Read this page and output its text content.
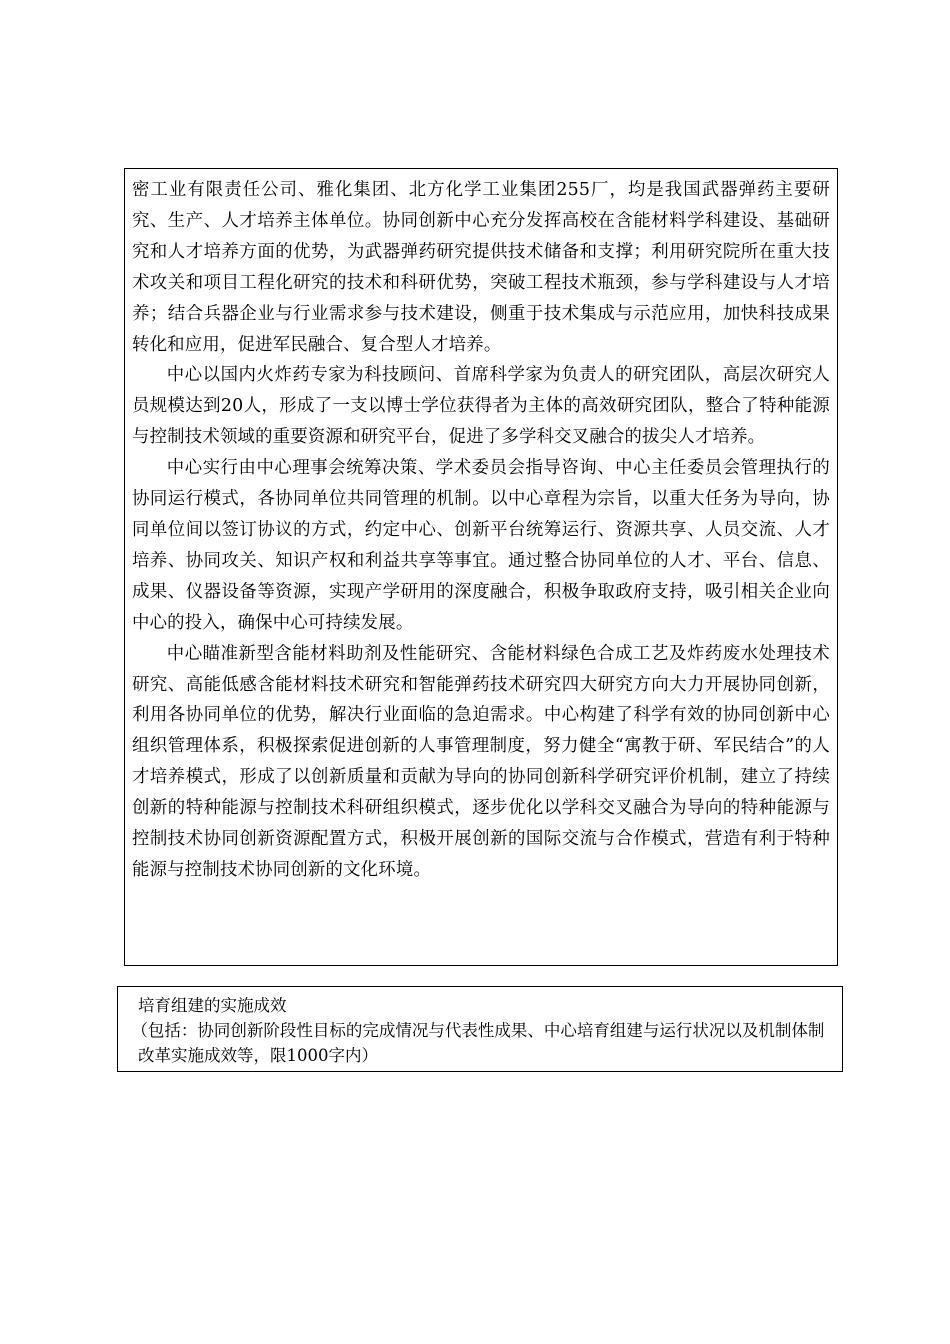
密工业有限责任公司、雅化集团、北方化学工业集团255厂，均是我国武器弹药主要研究、生产、人才培养主体单位。协同创新中心充分发挥高校在含能材料学科建设、基础研究和人才培养方面的优势，为武器弹药研究提供技术储备和支撑；利用研究院所在重大技术攻关和项目工程化研究的技术和科研优势，突破工程技术瓶颈，参与学科建设与人才培养；结合兵器企业与行业需求参与技术建设，侧重于技术集成与示范应用，加快科技成果转化和应用，促进军民融合、复合型人才培养。

中心以国内火炸药专家为科技顾问、首席科学家为负责人的研究团队，高层次研究人员规模达到20人，形成了一支以博士学位获得者为主体的高效研究团队，整合了特种能源与控制技术领域的重要资源和研究平台，促进了多学科交叉融合的拔尖人才培养。

中心实行由中心理事会统筹决策、学术委员会指导咨询、中心主任委员会管理执行的协同运行模式，各协同单位共同管理的机制。以中心章程为宗旨，以重大任务为导向，协同单位间以签订协议的方式，约定中心、创新平台统筹运行、资源共享、人员交流、人才培养、协同攻关、知识产权和利益共享等事宜。通过整合协同单位的人才、平台、信息、成果、仪器设备等资源，实现产学研用的深度融合，积极争取政府支持，吸引相关企业向中心的投入，确保中心可持续发展。

中心瞄准新型含能材料助剂及性能研究、含能材料绿色合成工艺及炸药废水处理技术研究、高能低感含能材料技术研究和智能弹药技术研究四大研究方向大力开展协同创新，利用各协同单位的优势，解决行业面临的急迫需求。中心构建了科学有效的协同创新中心组织管理体系，积极探索促进创新的人事管理制度，努力健全“寓教于研、军民结合”的人才培养模式，形成了以创新质量和贡献为导向的协同创新科学研究评价机制，建立了持续创新的特种能源与控制技术科研组织模式，逐步优化以学科交叉融合为导向的特种能源与控制技术协同创新资源配置方式，积极开展创新的国际交流与合作模式，营造有利于特种能源与控制技术协同创新的文化环境。

培育组建的实施成效

（包括：协同创新阶段性目标的完成情况与代表性成果、中心培育组建与运行状况以及机制体制改革实施成效等，限1000字内）
